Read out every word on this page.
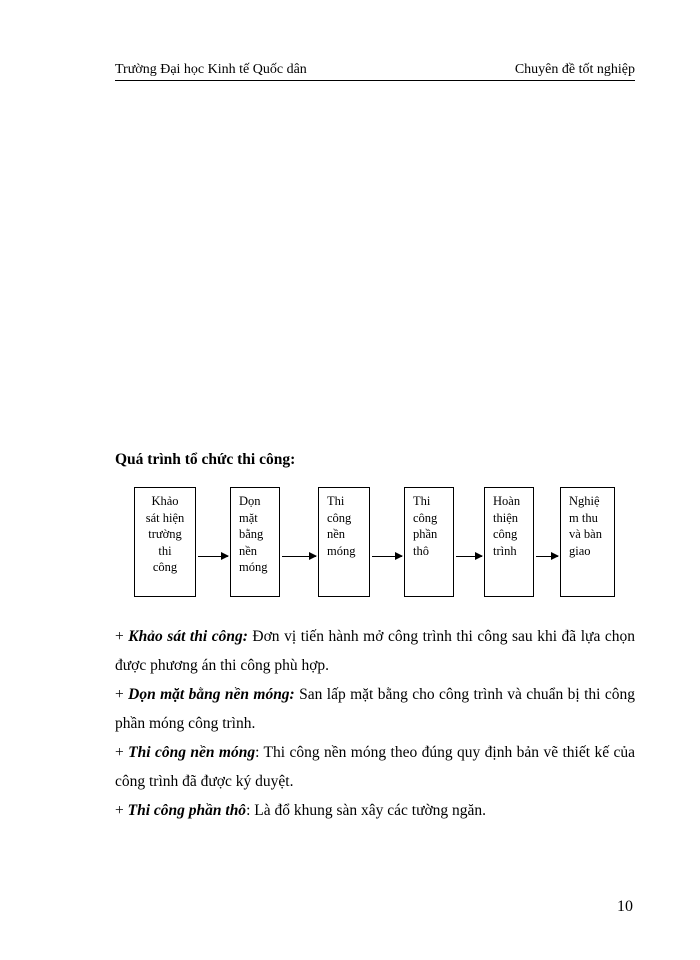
Trường Đại học Kinh tế Quốc dân	Chuyên đề tốt nghiệp
Quá trình tổ chức thi công:
Khảo
sát hiện
trường
thi
công
Dọn
mặt
bằng
nền
móng
Thi
công
nền
móng
Thi
công
phần
thô
Hoàn
thiện
công
trình
Nghiệ
m thu
và bàn
giao

+ Khảo sát thi công: Đơn vị tiến hành mở công trình thi công sau khi đã lựa chọn được phương án thi công phù hợp.

+ Dọn mặt bằng nền móng: San lấp mặt bằng cho công trình và chuẩn bị thi công phần móng công trình.

+ Thi công nền móng: Thi công nền móng theo đúng quy định bản vẽ thiết kế của công trình đã được ký duyệt.

+ Thi công phần thô: Là đổ khung sàn xây các tường ngăn.

10
